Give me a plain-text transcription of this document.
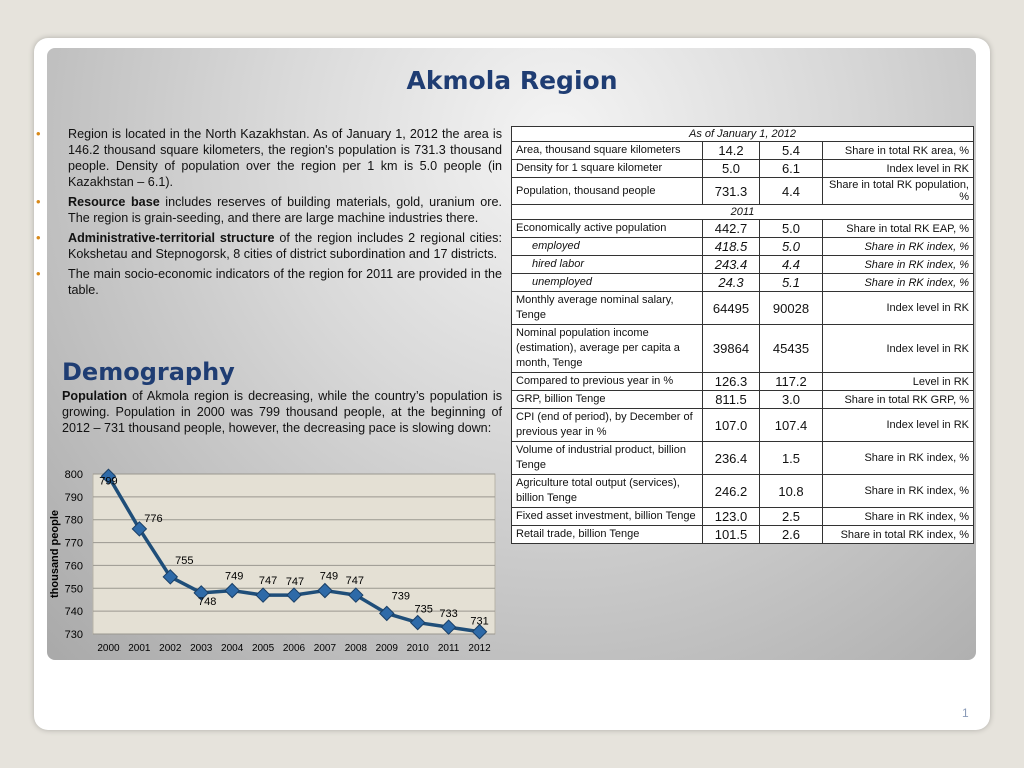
Akmola Region
• Region is located in the North Kazakhstan. As of January 1, 2012 the area is 146.2 thousand square kilometers, the region's population is 731.3 thousand people. Density of population over the region per 1 km is 5.0 people (in Kazakhstan – 6.1).
• Resource base includes reserves of building materials, gold, uranium ore. The region is grain-seeding, and there are large machine industries there.
• Administrative-territorial structure of the region includes 2 regional cities: Kokshetau and Stepnogorsk, 8 cities of district subordination and 17 districts.
• The main socio-economic indicators of the region for 2011 are provided in the table.
Demography

Population of Akmola region is decreasing, while the country’s population is growing. Population in 2000 was 799 thousand people, at the beginning of 2012 – 731 thousand people, however, the decreasing pace is slowing down:

730
740
750
760
770
780
790
800
2000 2001 2002 2003 2004 2005 2006 2007 2008 2009 2010 2011 2012
thousand people
799
776
755
748
749 747 747 749 747
739
735 733
731
As of January 1, 2012			
Area, thousand square kilometers	14.2	5.4	Share in total RK area, %
Density for 1 square kilometer	5.0	6.1	Index level in RK
Population, thousand people	731.3	4.4	Share in total RK population, %
2011			
Economically active population	442.7	5.0	Share in total RK EAP, %
employed	418.5	5.0	Share in RK index, %
hired labor	243.4	4.4	Share in RK index, %
unemployed	24.3	5.1	Share in RK index, %
Monthly average nominal salary, Tenge	64495	90028	Index level in RK
Nominal population income (estimation), average per capita a month, Tenge	39864	45435	Index level in RK
Compared to previous year in %	126.3	117.2	Level in RK
GRP, billion Tenge	811.5	3.0	Share in total RK GRP, %
CPI (end of period), by December of previous year in %	107.0	107.4	Index level in RK
Volume of industrial product, billion Tenge	236.4	1.5	Share in RK index, %
Agriculture total output (services), billion Tenge	246.2	10.8	Share in RK index, %
Fixed asset investment, billion Tenge	123.0	2.5	Share in RK index, %
Retail trade, billion Tenge	101.5	2.6	Share in total RK index, %
1
